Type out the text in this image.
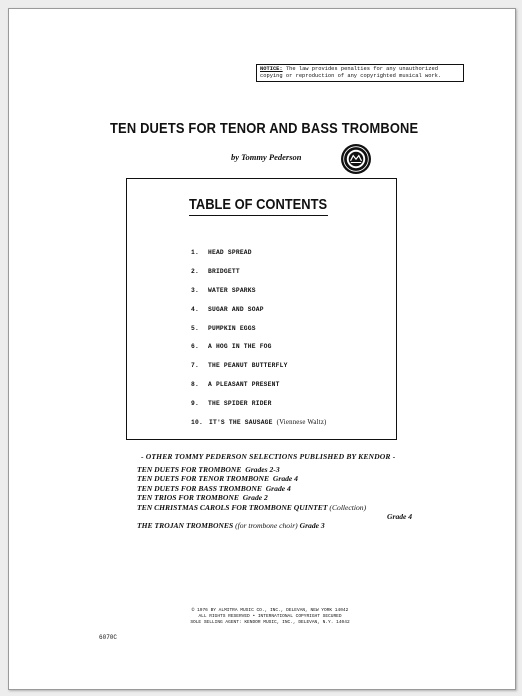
NOTICE: The law provides penalties for any unauthorized
copying or reproduction of any copyrighted musical work.
TEN DUETS FOR TENOR AND BASS TROMBONE
by Tommy Pederson
TABLE OF CONTENTS
1. HEAD SPREAD
2. BRIDGETT
3. WATER SPARKS
4. SUGAR AND SOAP
5. PUMPKIN EGGS
6. A HOG IN THE FOG
7. THE PEANUT BUTTERFLY
8. A PLEASANT PRESENT
9. THE SPIDER RIDER
10. IT'S THE SAUSAGE (Viennese Waltz)
- OTHER TOMMY PEDERSON SELECTIONS PUBLISHED BY KENDOR -
TEN DUETS FOR TROMBONE Grades 2-3
TEN DUETS FOR TENOR TROMBONE Grade 4
TEN DUETS FOR BASS TROMBONE Grade 4
TEN TRIOS FOR TROMBONE Grade 2
TEN CHRISTMAS CAROLS FOR TROMBONE QUINTET (Collection)
Grade 4
THE TROJAN TROMBONES (for trombone choir) Grade 3
© 1976 BY ALMITRA MUSIC CO., INC., DELEVAN, NEW YORK 14042
ALL RIGHTS RESERVED • INTERNATIONAL COPYRIGHT SECURED
SOLE SELLING AGENT: KENDOR MUSIC, INC., DELEVAN, N.Y. 14042
6070C
